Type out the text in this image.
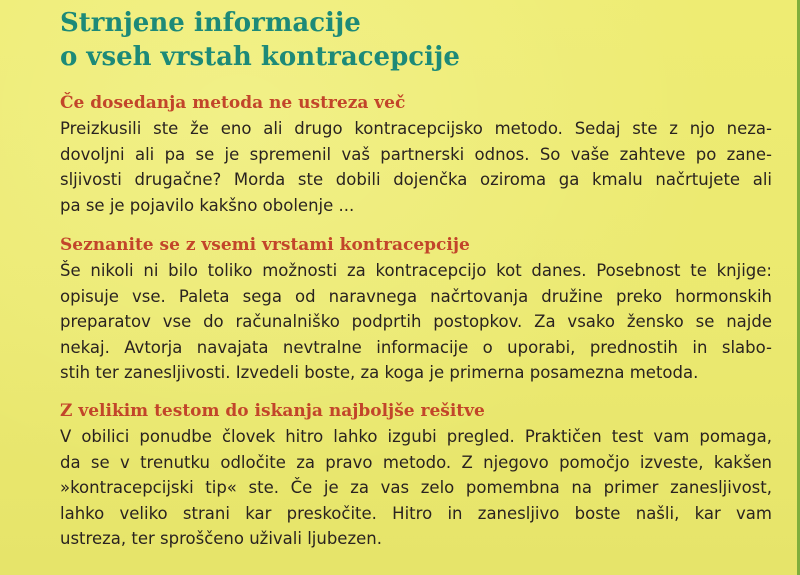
Strnjene informacije
o vseh vrstah kontracepcije
Če dosedanja metoda ne ustreza več

Preizkusili ste že eno ali drugo kontracepcijsko metodo. Sedaj ste z njo neza-
dovoljni ali pa se je spremenil vaš partnerski odnos. So vaše zahteve po zane-
sljivosti drugačne? Morda ste dobili dojenčka oziroma ga kmalu načrtujete ali
pa se je pojavilo kakšno obolenje ...

Seznanite se z vsemi vrstami kontracepcije

Še nikoli ni bilo toliko možnosti za kontracepcijo kot danes. Posebnost te knjige:
opisuje vse. Paleta sega od naravnega načrtovanja družine preko hormonskih
preparatov vse do računalniško podprtih postopkov. Za vsako žensko se najde
nekaj. Avtorja navajata nevtralne informacije o uporabi, prednostih in slabo-
stih ter zanesljivosti. Izvedeli boste, za koga je primerna posamezna metoda.

Z velikim testom do iskanja najboljše rešitve

V obilici ponudbe človek hitro lahko izgubi pregled. Praktičen test vam pomaga,
da se v trenutku odločite za pravo metodo. Z njegovo pomočjo izveste, kakšen
»kontracepcijski tip« ste. Če je za vas zelo pomembna na primer zanesljivost,
lahko veliko strani kar preskočite. Hitro in zanesljivo boste našli, kar vam
ustreza, ter sproščeno uživali ljubezen.
